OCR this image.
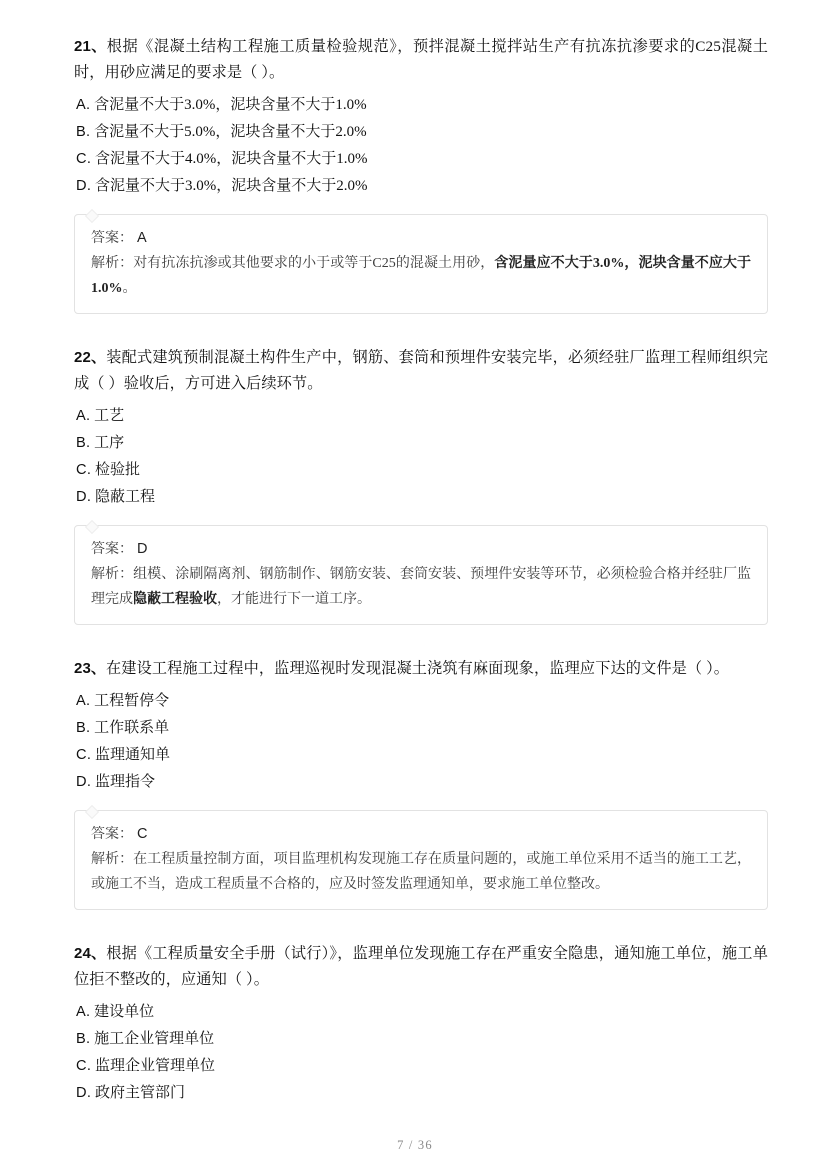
21、根据《混凝土结构工程施工质量检验规范》，预拌混凝土搅拌站生产有抗冻抗渗要求的C25混凝土时，用砂应满足的要求是（ ）。

A. 含泥量不大于3.0%，泥块含量不大于1.0%

B. 含泥量不大于5.0%，泥块含量不大于2.0%

C. 含泥量不大于4.0%，泥块含量不大于1.0%

D. 含泥量不大于3.0%，泥块含量不大于2.0%

答案： A

解析：对有抗冻抗渗或其他要求的小于或等于C25的混凝土用砂，含泥量应不大于3.0%，泥块含量不应大于1.0%。

22、装配式建筑预制混凝土构件生产中，钢筋、套筒和预埋件安装完毕，必须经驻厂监理工程师组织完成（ ）验收后，方可进入后续环节。

A. 工艺

B. 工序

C. 检验批

D. 隐蔽工程

答案： D

解析：组模、涂刷隔离剂、钢筋制作、钢筋安装、套筒安装、预埋件安装等环节，必须检验合格并经驻厂监理完成隐蔽工程验收，才能进行下一道工序。

23、在建设工程施工过程中，监理巡视时发现混凝土浇筑有麻面现象，监理应下达的文件是（ ）。

A. 工程暂停令

B. 工作联系单

C. 监理通知单

D. 监理指令

答案： C

解析：在工程质量控制方面，项目监理机构发现施工存在质量问题的，或施工单位采用不适当的施工工艺，或施工不当，造成工程质量不合格的，应及时签发监理通知单，要求施工单位整改。

24、根据《工程质量安全手册（试行）》，监理单位发现施工存在严重安全隐患，通知施工单位，施工单位拒不整改的，应通知（ ）。

A. 建设单位

B. 施工企业管理单位

C. 监理企业管理单位

D. 政府主管部门

7 / 36
